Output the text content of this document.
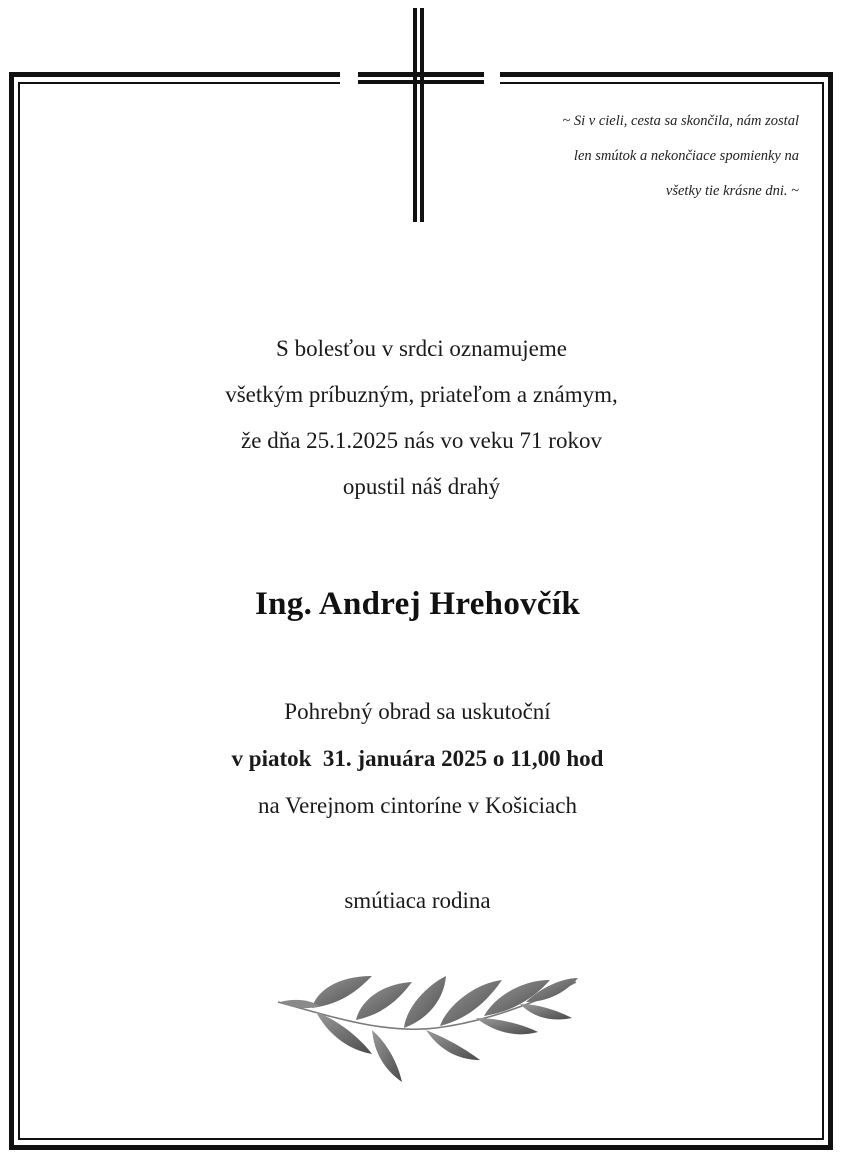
~ Si v cieli, cesta sa skončila, nám zostal
len smútok a nekončiace spomienky na
všetky tie krásne dni. ~
S bolesťou v srdci oznamujeme
všetkým príbuzným, priateľom a známym,
že dňa 25.1.2025 nás vo veku 71 rokov
opustil náš drahý
Ing. Andrej Hrehovčík
Pohrebný obrad sa uskutoční
v piatok  31. januára 2025 o 11,00 hod
na Verejnom cintoríne v Košiciach
smútiaca rodina
